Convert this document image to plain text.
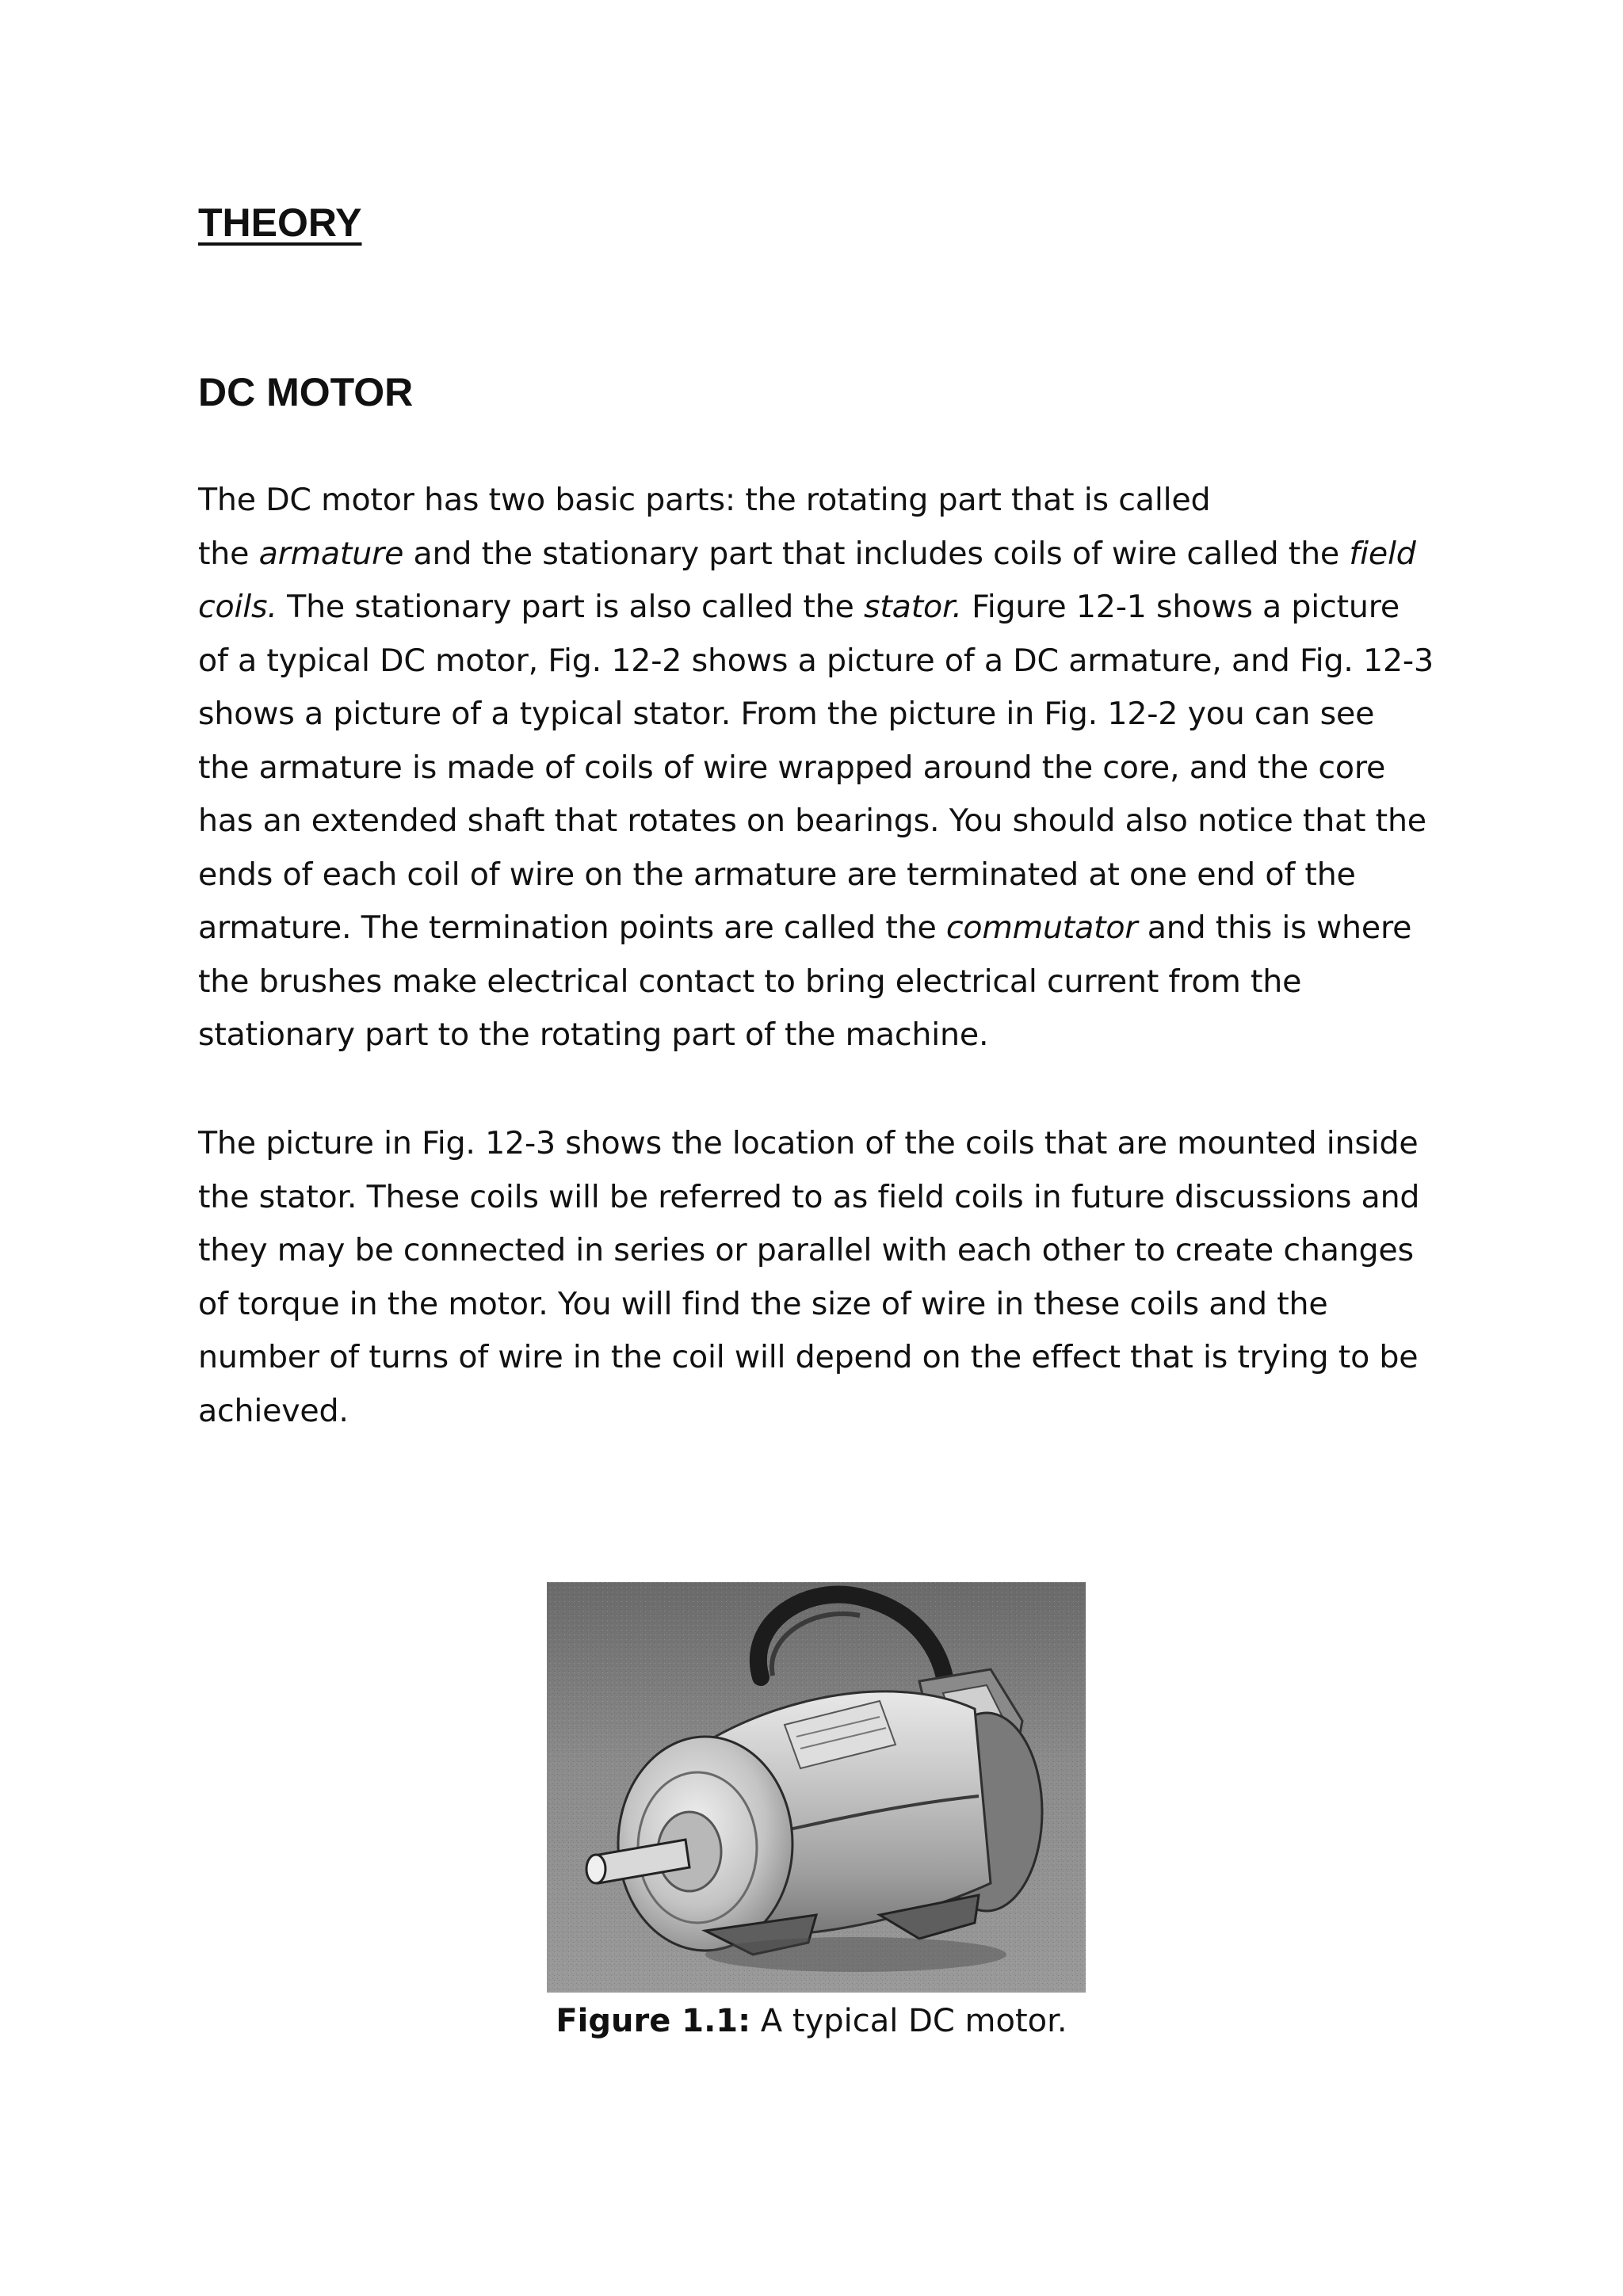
THEORY
DC MOTOR

The DC motor has two basic parts: the rotating part that is called
the armature and the stationary part that includes coils of wire called the field
coils. The stationary part is also called the stator. Figure 12-1 shows a picture
of a typical DC motor, Fig. 12-2 shows a picture of a DC armature, and Fig. 12-3
shows a picture of a typical stator. From the picture in Fig. 12-2 you can see
the armature is made of coils of wire wrapped around the core, and the core
has an extended shaft that rotates on bearings. You should also notice that the
ends of each coil of wire on the armature are terminated at one end of the
armature. The termination points are called the commutator and this is where
the brushes make electrical contact to bring electrical current from the
stationary part to the rotating part of the machine.

The picture in Fig. 12-3 shows the location of the coils that are mounted inside
the stator. These coils will be referred to as field coils in future discussions and
they may be connected in series or parallel with each other to create changes
of torque in the motor. You will find the size of wire in these coils and the
number of turns of wire in the coil will depend on the effect that is trying to be
achieved.

Figure 1.1: A typical DC motor.
